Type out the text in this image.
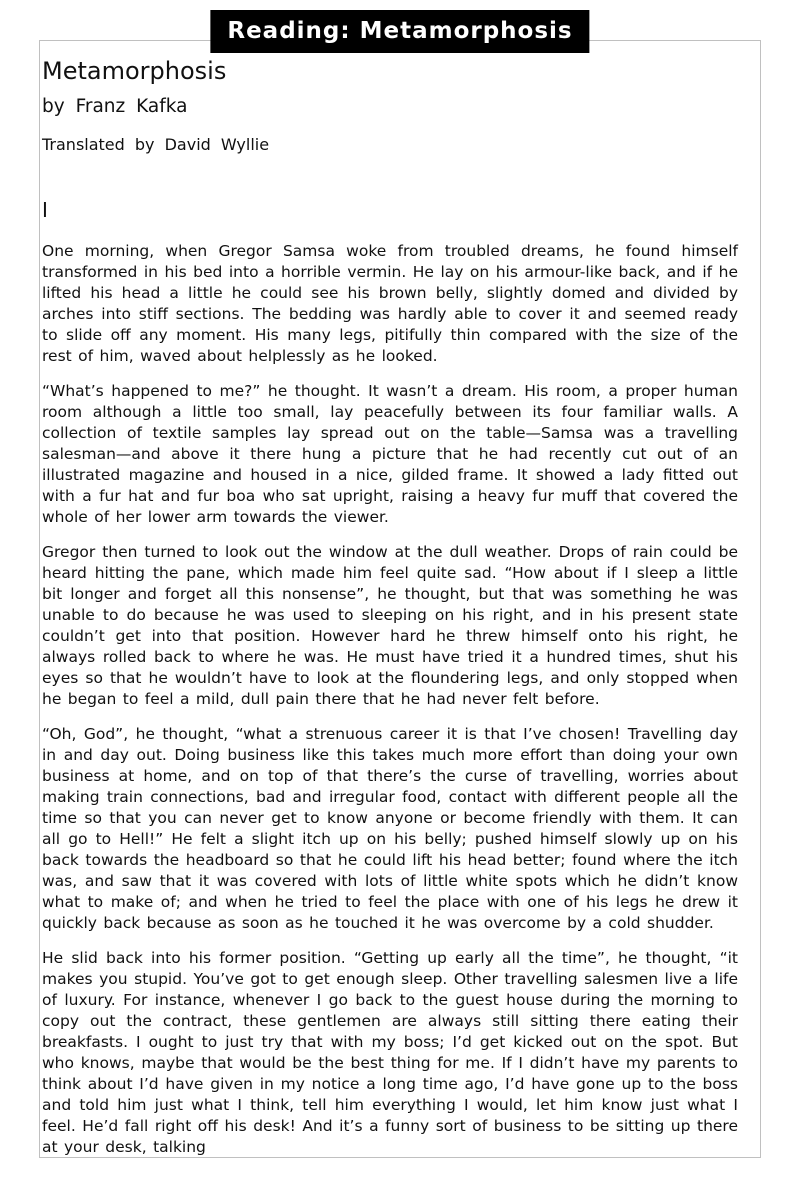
Reading: Metamorphosis
Metamorphosis
by Franz Kafka
Translated by David Wyllie
I

One morning, when Gregor Samsa woke from troubled dreams, he found himself transformed in his bed into a horrible vermin. He lay on his armour-like back, and if he lifted his head a little he could see his brown belly, slightly domed and divided by arches into stiff sections. The bedding was hardly able to cover it and seemed ready to slide off any moment. His many legs, pitifully thin compared with the size of the rest of him, waved about helplessly as he looked.

“What’s happened to me?” he thought. It wasn’t a dream. His room, a proper human room although a little too small, lay peacefully between its four familiar walls. A collection of textile samples lay spread out on the table—Samsa was a travelling salesman—and above it there hung a picture that he had recently cut out of an illustrated magazine and housed in a nice, gilded frame. It showed a lady fitted out with a fur hat and fur boa who sat upright, raising a heavy fur muff that covered the whole of her lower arm towards the viewer.

Gregor then turned to look out the window at the dull weather. Drops of rain could be heard hitting the pane, which made him feel quite sad. “How about if I sleep a little bit longer and forget all this nonsense”, he thought, but that was something he was unable to do because he was used to sleeping on his right, and in his present state couldn’t get into that position. However hard he threw himself onto his right, he always rolled back to where he was. He must have tried it a hundred times, shut his eyes so that he wouldn’t have to look at the floundering legs, and only stopped when he began to feel a mild, dull pain there that he had never felt before.

“Oh, God”, he thought, “what a strenuous career it is that I’ve chosen! Travelling day in and day out. Doing business like this takes much more effort than doing your own business at home, and on top of that there’s the curse of travelling, worries about making train connections, bad and irregular food, contact with different people all the time so that you can never get to know anyone or become friendly with them. It can all go to Hell!” He felt a slight itch up on his belly; pushed himself slowly up on his back towards the headboard so that he could lift his head better; found where the itch was, and saw that it was covered with lots of little white spots which he didn’t know what to make of; and when he tried to feel the place with one of his legs he drew it quickly back because as soon as he touched it he was overcome by a cold shudder.

He slid back into his former position. “Getting up early all the time”, he thought, “it makes you stupid. You’ve got to get enough sleep. Other travelling salesmen live a life of luxury. For instance, whenever I go back to the guest house during the morning to copy out the contract, these gentlemen are always still sitting there eating their breakfasts. I ought to just try that with my boss; I’d get kicked out on the spot. But who knows, maybe that would be the best thing for me. If I didn’t have my parents to think about I’d have given in my notice a long time ago, I’d have gone up to the boss and told him just what I think, tell him everything I would, let him know just what I feel. He’d fall right off his desk! And it’s a funny sort of business to be sitting up there at your desk, talking
